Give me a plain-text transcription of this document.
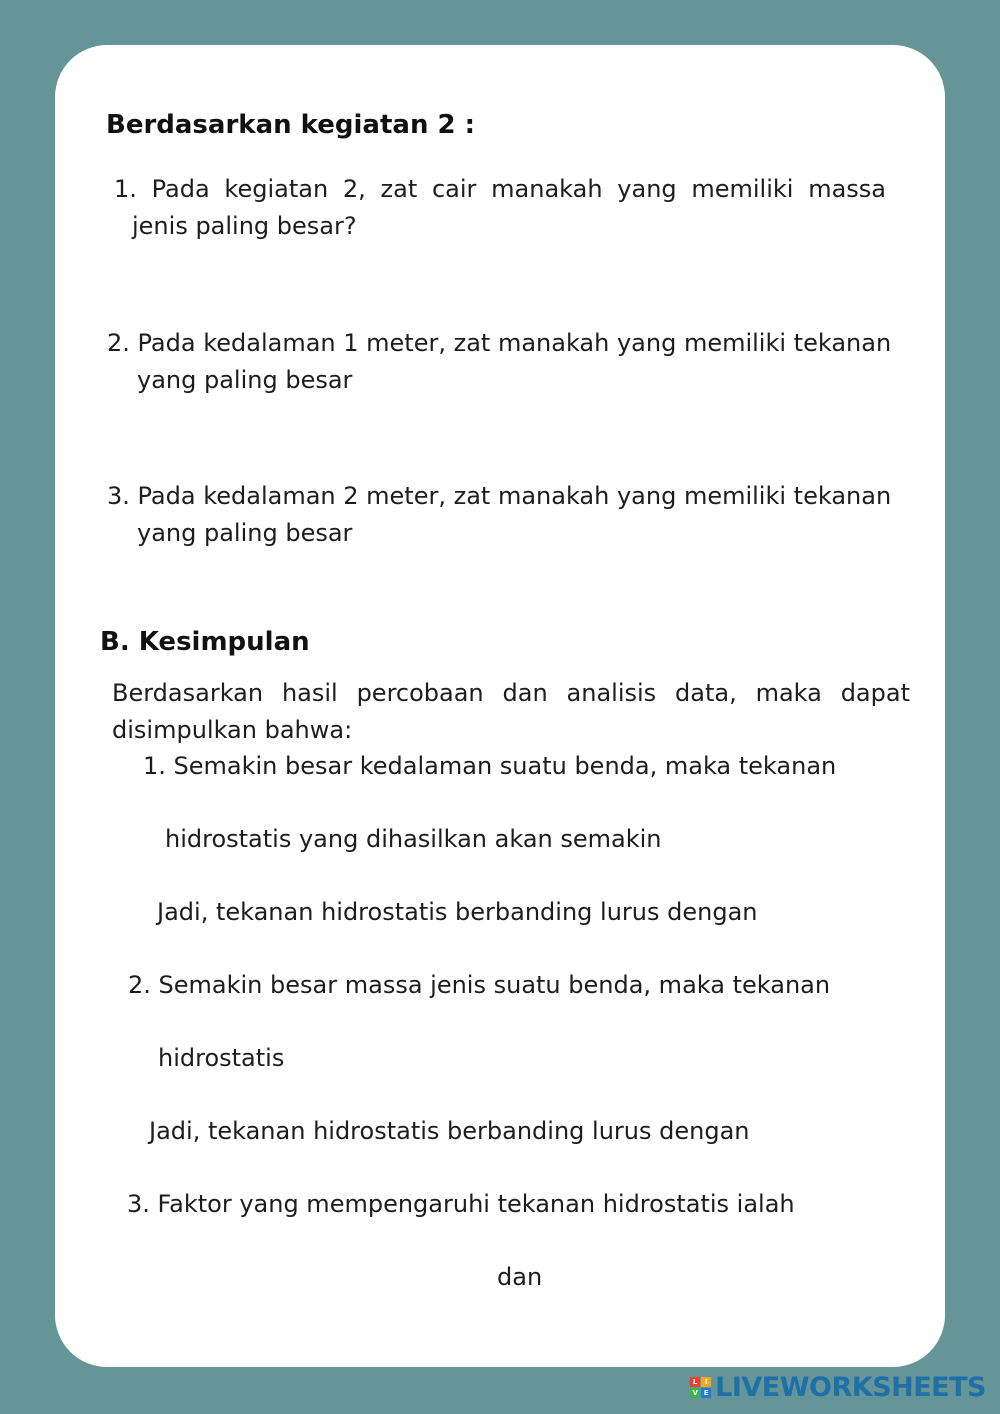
Berdasarkan kegiatan 2 :
1. Pada kegiatan 2, zat cair manakah yang memiliki massa
jenis paling besar?
2. Pada kedalaman 1 meter, zat manakah yang memiliki tekanan
yang paling besar
3. Pada kedalaman 2 meter, zat manakah yang memiliki tekanan
yang paling besar
B. Kesimpulan
Berdasarkan hasil percobaan dan analisis data, maka dapat
disimpulkan bahwa:
1. Semakin besar kedalaman suatu benda, maka tekanan
hidrostatis yang dihasilkan akan semakin
Jadi, tekanan hidrostatis berbanding lurus dengan
2. Semakin besar massa jenis suatu benda, maka tekanan
hidrostatis
Jadi, tekanan hidrostatis berbanding lurus dengan
3. Faktor yang mempengaruhi tekanan hidrostatis ialah
dan
L	I
V E LIVEWORKSHEETS
